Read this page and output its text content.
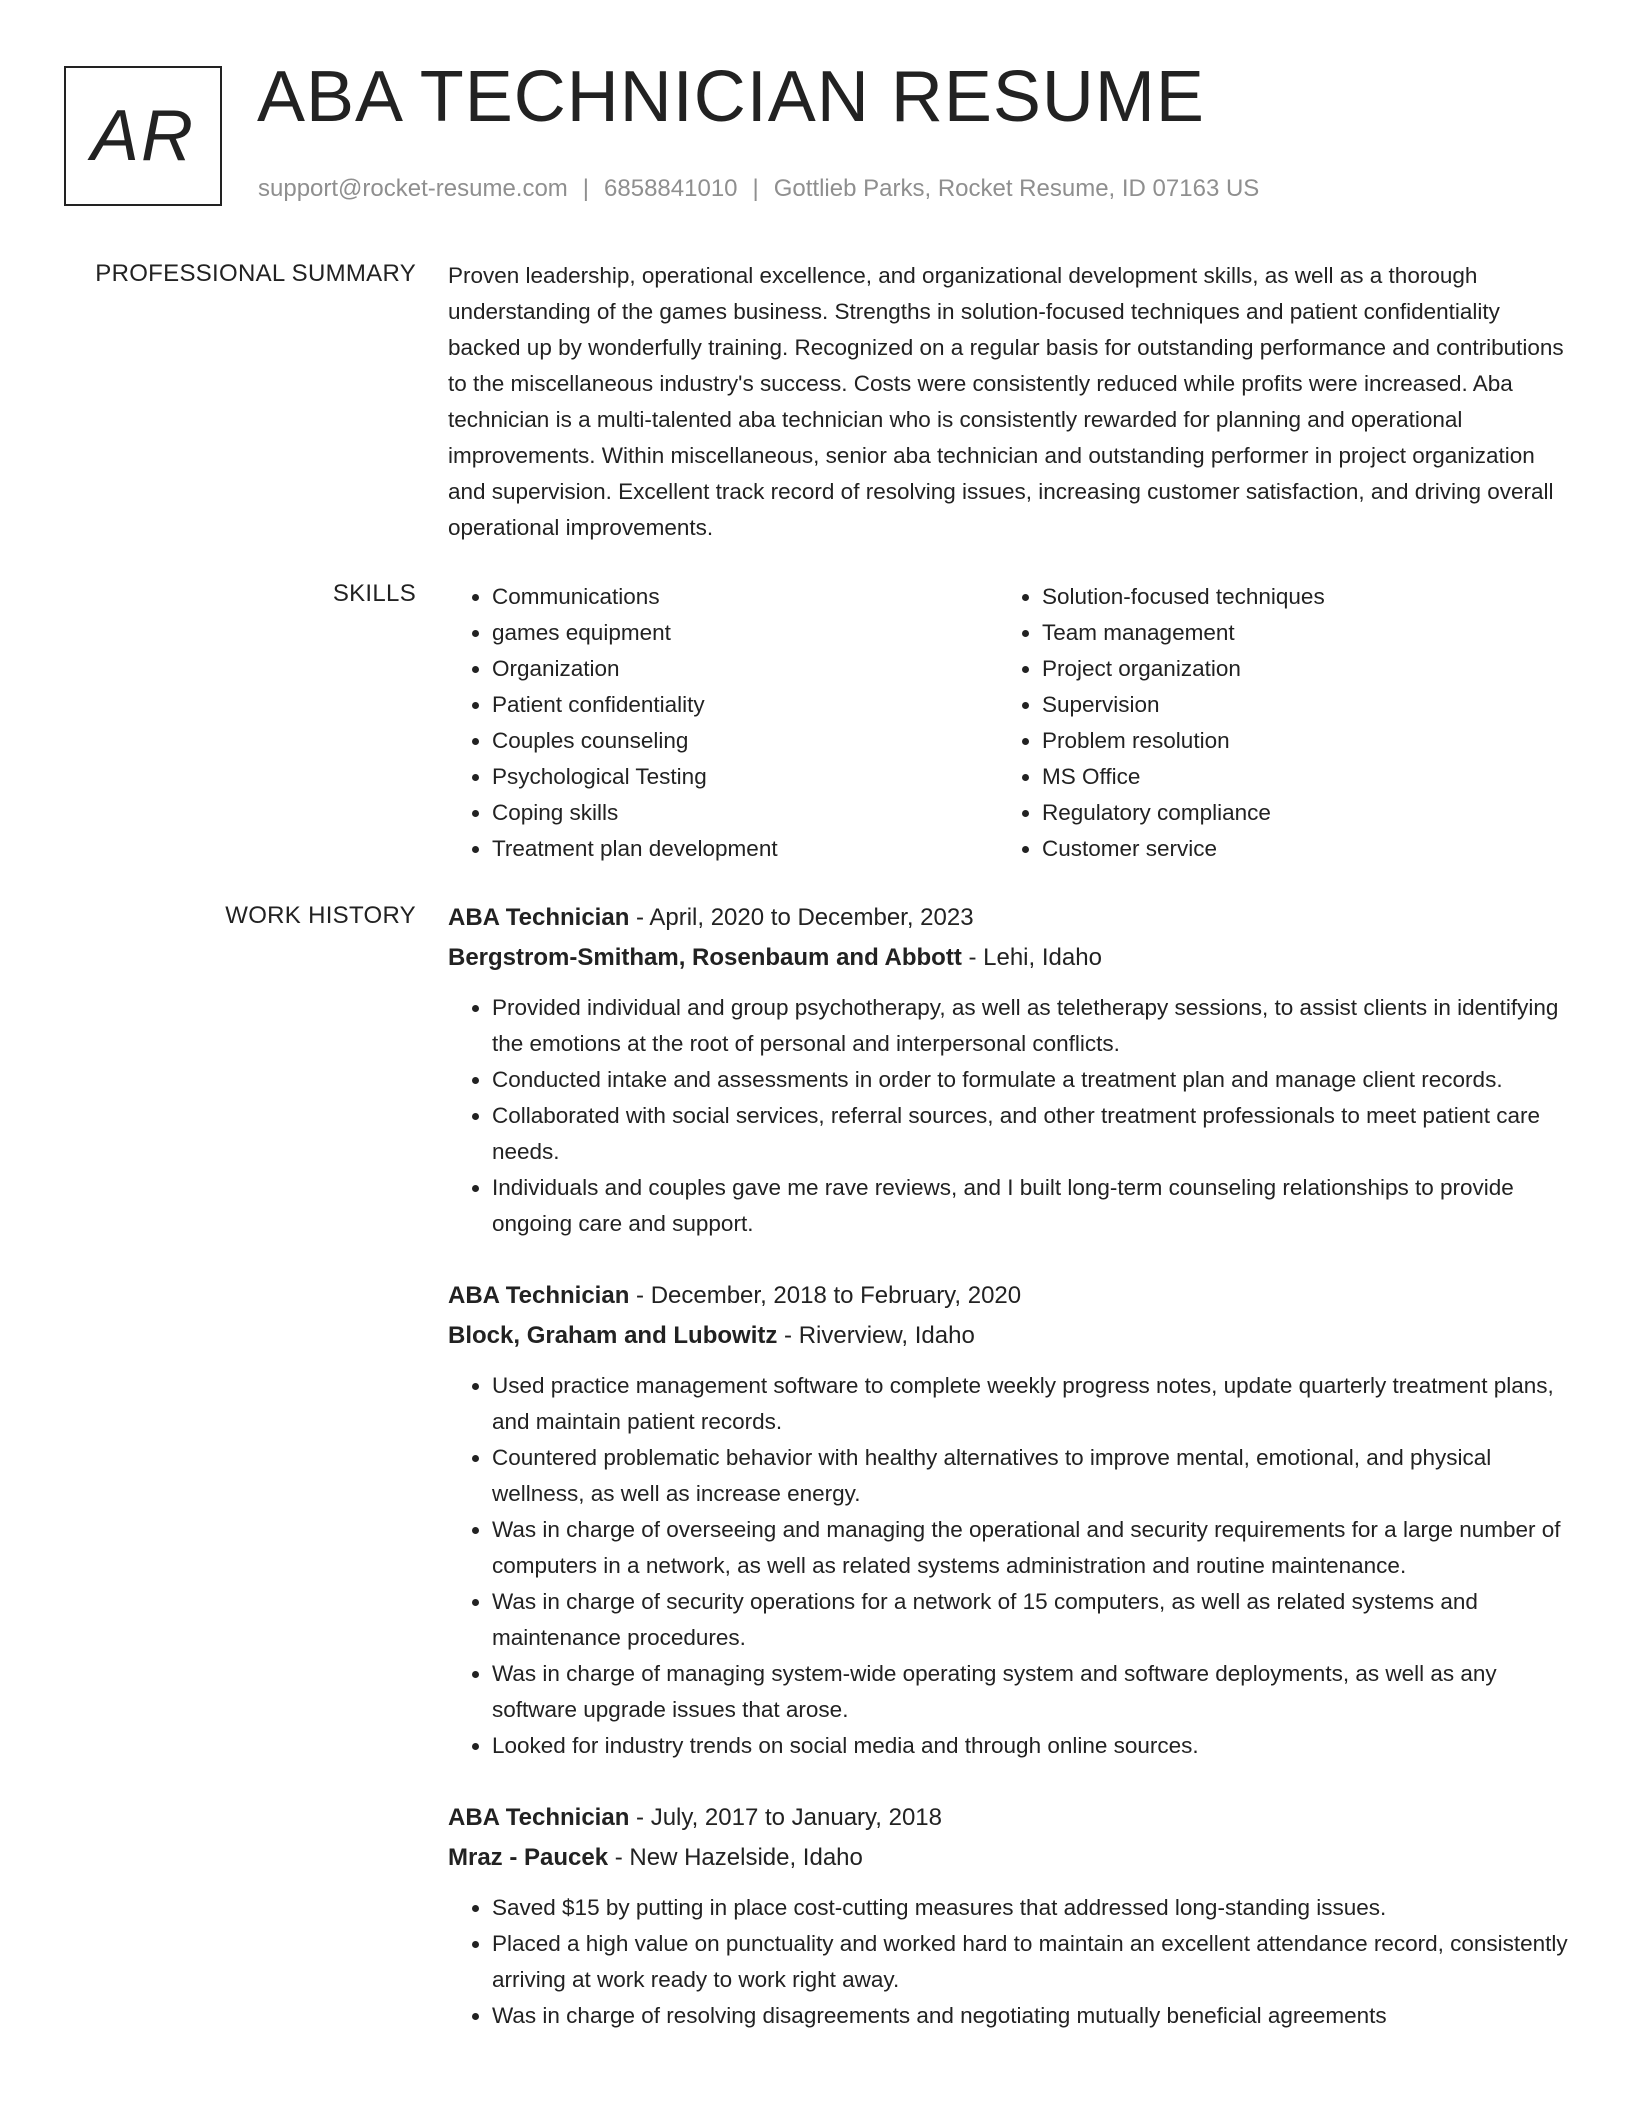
AR ABA TECHNICIAN RESUME
support@rocket-resume.com | 6858841010 | Gottlieb Parks, Rocket Resume, ID 07163 US
PROFESSIONAL SUMMARY Proven leadership, operational excellence, and organizational development skills, as well as a thorough understanding of the games business. Strengths in solution-focused techniques and patient confidentiality backed up by wonderfully training. Recognized on a regular basis for outstanding performance and contributions to the miscellaneous industry's success. Costs were consistently reduced while profits were increased. Aba technician is a multi-talented aba technician who is consistently rewarded for planning and operational improvements. Within miscellaneous, senior aba technician and outstanding performer in project organization and supervision. Excellent track record of resolving issues, increasing customer satisfaction, and driving overall operational improvements.

SKILLS
•	Communications
• games equipment
• Organization
• Patient confidentiality
• Couples counseling
• Psychological Testing
• Coping skills
• Treatment plan development
• Solution-focused techniques
• Team management
• Project organization
• Supervision
• Problem resolution
• MS Office
• Regulatory compliance
• Customer service
WORK HISTORY ABA Technician - April, 2020 to December, 2023
Bergstrom-Smitham, Rosenbaum and Abbott - Lehi, Idaho
• Provided individual and group psychotherapy, as well as teletherapy sessions, to assist clients in identifying the emotions at the root of personal and interpersonal conflicts.
• Conducted intake and assessments in order to formulate a treatment plan and manage client records.
• Collaborated with social services, referral sources, and other treatment professionals to meet patient care needs.
• Individuals and couples gave me rave reviews, and I built long-term counseling relationships to provide ongoing care and support.
ABA Technician - December, 2018 to February, 2020
Block, Graham and Lubowitz - Riverview, Idaho
• Used practice management software to complete weekly progress notes, update quarterly treatment plans, and maintain patient records.
• Countered problematic behavior with healthy alternatives to improve mental, emotional, and physical wellness, as well as increase energy.
• Was in charge of overseeing and managing the operational and security requirements for a large number of computers in a network, as well as related systems administration and routine maintenance.
• Was in charge of security operations for a network of 15 computers, as well as related systems and maintenance procedures.
• Was in charge of managing system-wide operating system and software deployments, as well as any software upgrade issues that arose.
• Looked for industry trends on social media and through online sources.
ABA Technician - July, 2017 to January, 2018
Mraz - Paucek - New Hazelside, Idaho
• Saved $15 by putting in place cost-cutting measures that addressed long-standing issues.
• Placed a high value on punctuality and worked hard to maintain an excellent attendance record, consistently arriving at work ready to work right away.
• Was in charge of resolving disagreements and negotiating mutually beneficial agreements
